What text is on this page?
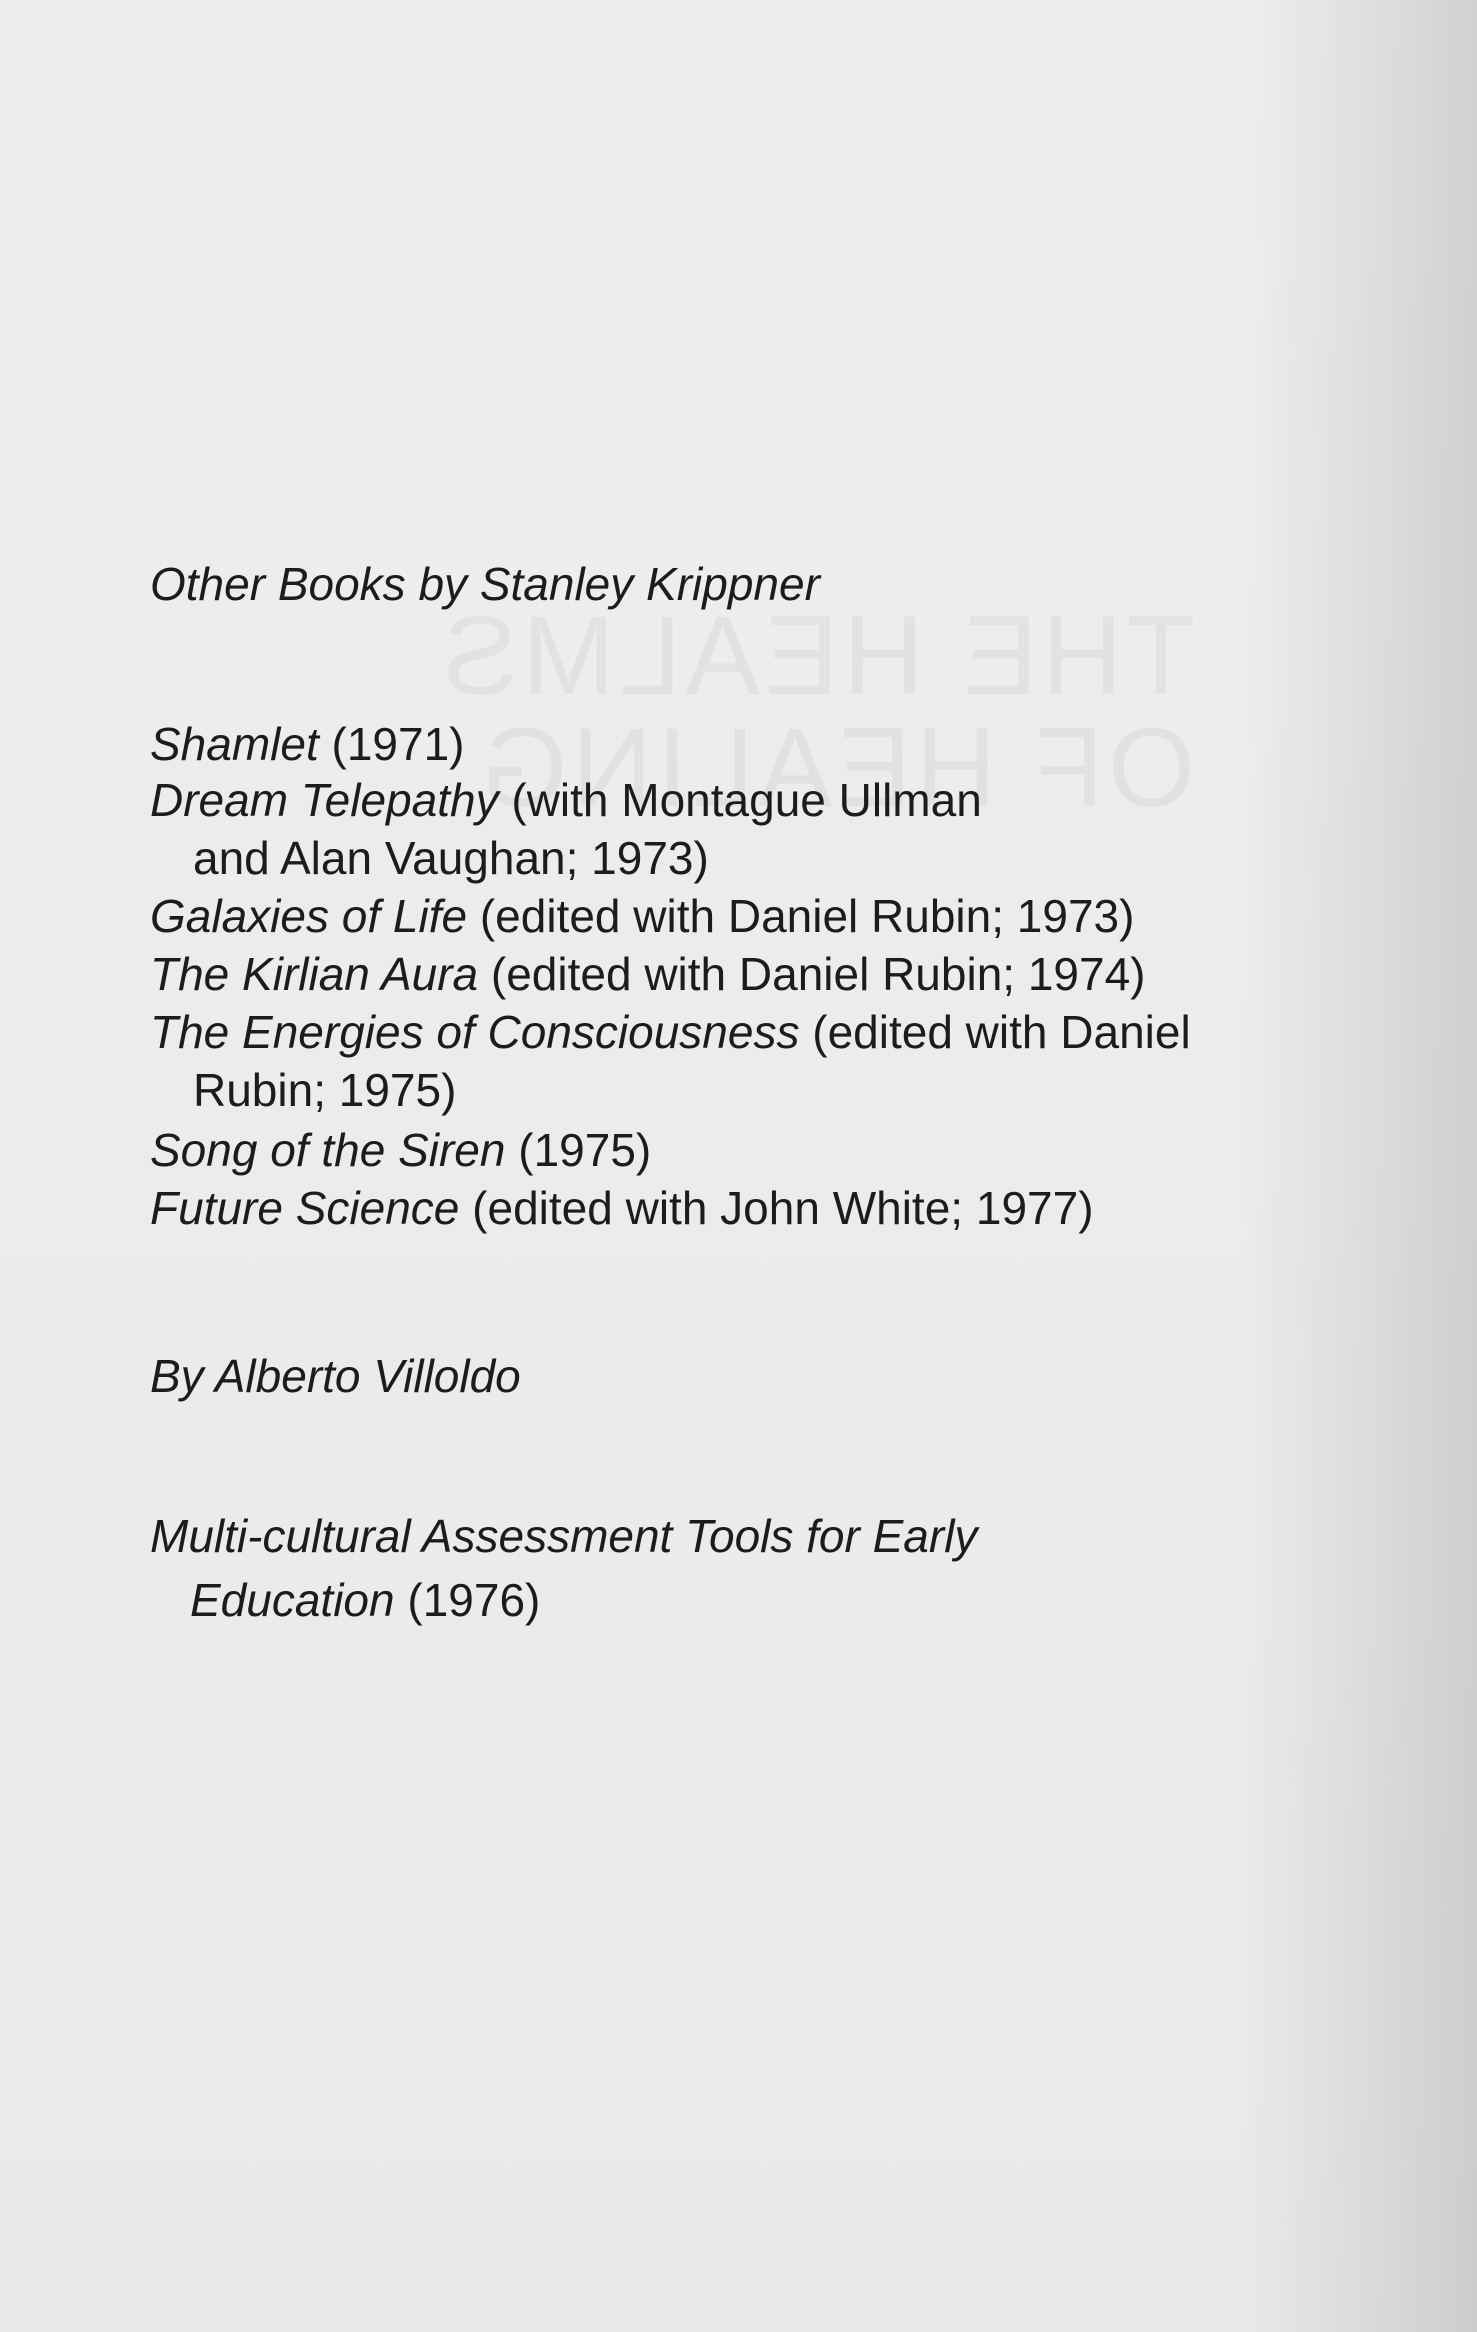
Other Books by Stanley Krippner
Shamlet (1971)
Dream Telepathy (with Montague Ullman
and Alan Vaughan; 1973)
Galaxies of Life (edited with Daniel Rubin; 1973)
The Kirlian Aura (edited with Daniel Rubin; 1974)
The Energies of Consciousness (edited with Daniel
Rubin; 1975)
Song of the Siren (1975)
Future Science (edited with John White; 1977)
By Alberto Villoldo
Multi-cultural Assessment Tools for Early
Education (1976)
